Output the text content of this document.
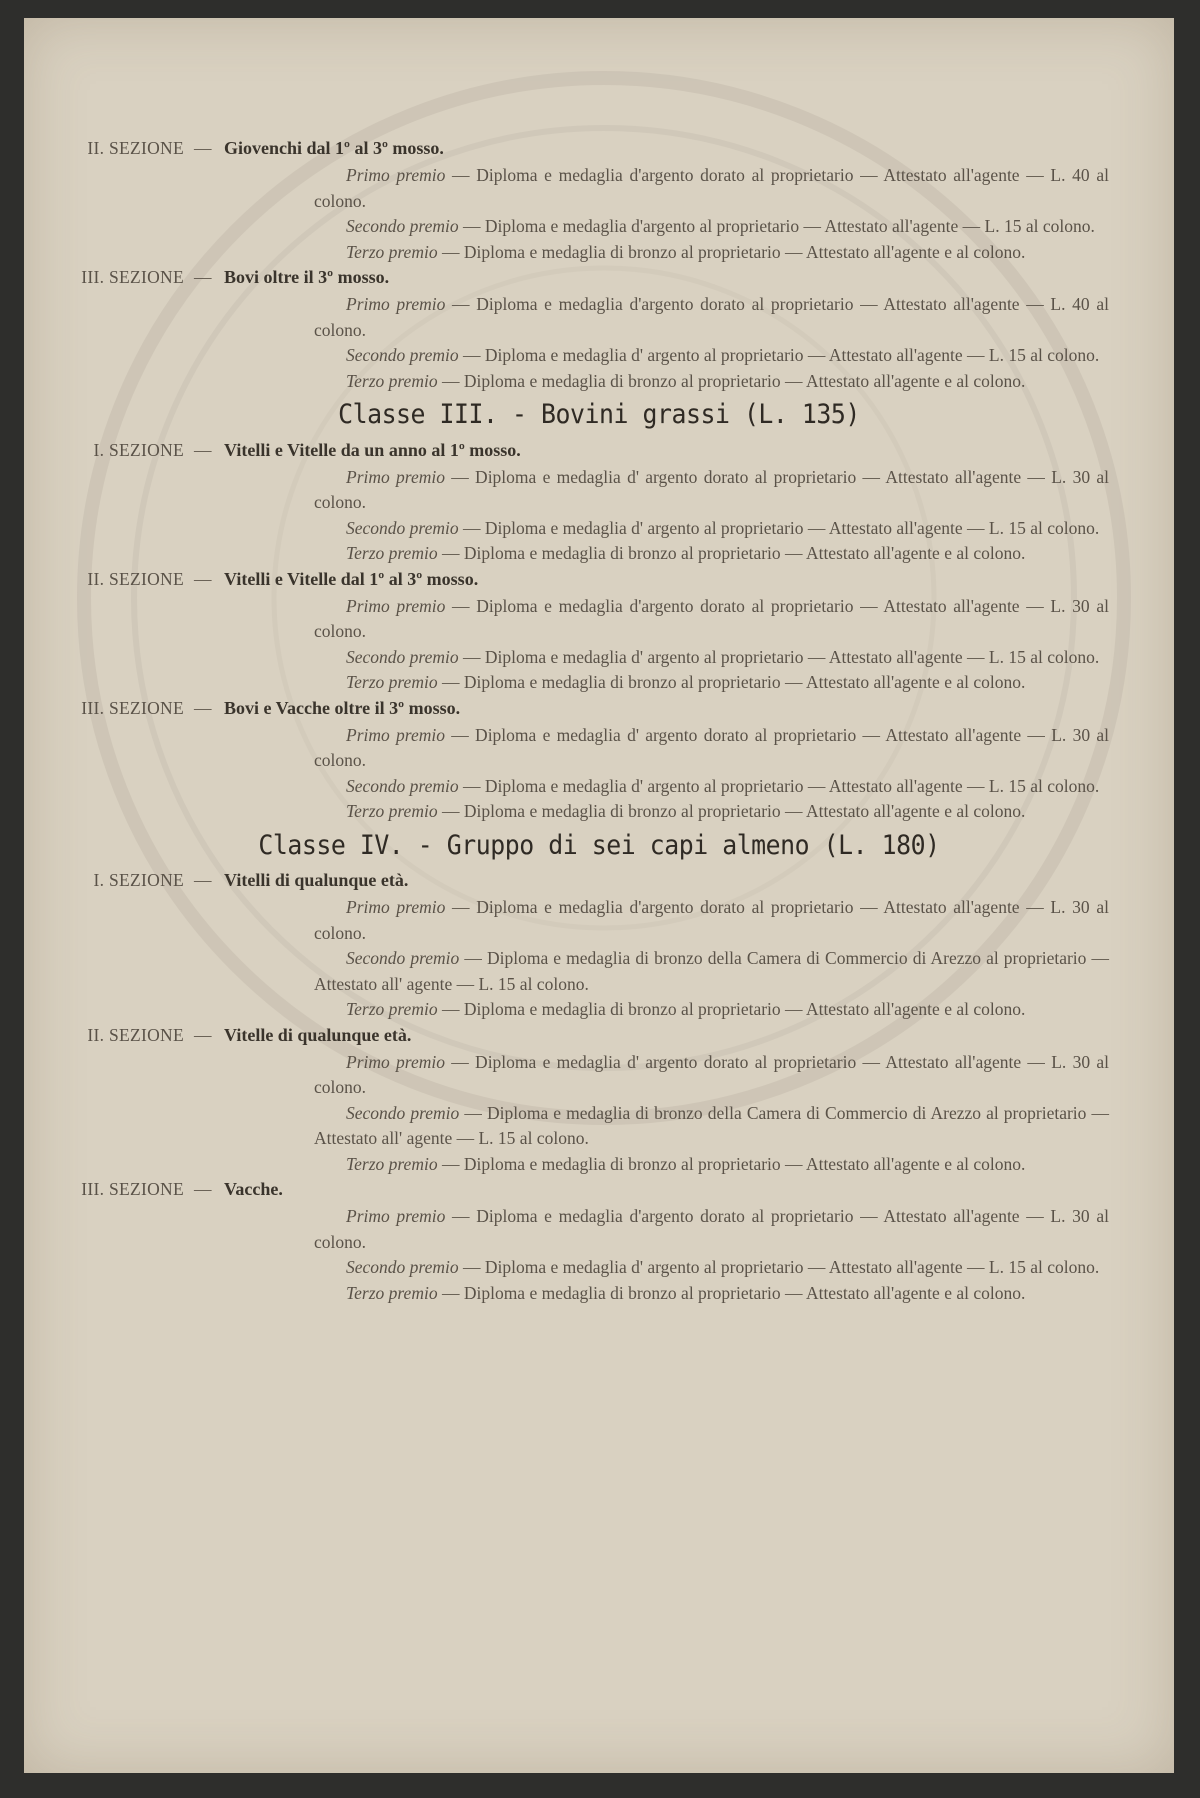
II. SEZIONE — Giovenchi dal 1º al 3º mosso.
Primo premio — Diploma e medaglia d'argento dorato al proprietario — Attestato all'agente — L. 40 al colono.
Secondo premio — Diploma e medaglia d'argento al proprietario — Attestato all'agente — L. 15 al colono.
Terzo premio — Diploma e medaglia di bronzo al proprietario — Attestato all'agente e al colono.
III. SEZIONE — Bovi oltre il 3º mosso.
Primo premio — Diploma e medaglia d'argento dorato al proprietario — Attestato all'agente — L. 40 al colono.
Secondo premio — Diploma e medaglia d' argento al proprietario — Attestato all'agente — L. 15 al colono.
Terzo premio — Diploma e medaglia di bronzo al proprietario — Attestato all'agente e al colono.
Classe III. - Bovini grassi (L. 135)
I. SEZIONE — Vitelli e Vitelle da un anno al 1º mosso.
Primo premio — Diploma e medaglia d' argento dorato al proprietario — Attestato all'agente — L. 30 al colono.
Secondo premio — Diploma e medaglia d' argento al proprietario — Attestato all'agente — L. 15 al colono.
Terzo premio — Diploma e medaglia di bronzo al proprietario — Attestato all'agente e al colono.
II. SEZIONE — Vitelli e Vitelle dal 1º al 3º mosso.
Primo premio — Diploma e medaglia d'argento dorato al proprietario — Attestato all'agente — L. 30 al colono.
Secondo premio — Diploma e medaglia d' argento al proprietario — Attestato all'agente — L. 15 al colono.
Terzo premio — Diploma e medaglia di bronzo al proprietario — Attestato all'agente e al colono.
III. SEZIONE — Bovi e Vacche oltre il 3º mosso.
Primo premio — Diploma e medaglia d' argento dorato al proprietario — Attestato all'agente — L. 30 al colono.
Secondo premio — Diploma e medaglia d' argento al proprietario — Attestato all'agente — L. 15 al colono.
Terzo premio — Diploma e medaglia di bronzo al proprietario — Attestato all'agente e al colono.
Classe IV. - Gruppo di sei capi almeno (L. 180)
I. SEZIONE — Vitelli di qualunque età.
Primo premio — Diploma e medaglia d'argento dorato al proprietario — Attestato all'agente — L. 30 al colono.
Secondo premio — Diploma e medaglia di bronzo della Camera di Commercio di Arezzo al proprietario — Attestato all' agente — L. 15 al colono.
Terzo premio — Diploma e medaglia di bronzo al proprietario — Attestato all'agente e al colono.
II. SEZIONE — Vitelle di qualunque età.
Primo premio — Diploma e medaglia d' argento dorato al proprietario — Attestato all'agente — L. 30 al colono.
Secondo premio — Diploma e medaglia di bronzo della Camera di Commercio di Arezzo al proprietario — Attestato all' agente — L. 15 al colono.
Terzo premio — Diploma e medaglia di bronzo al proprietario — Attestato all'agente e al colono.
III. SEZIONE — Vacche.
Primo premio — Diploma e medaglia d'argento dorato al proprietario — Attestato all'agente — L. 30 al colono.
Secondo premio — Diploma e medaglia d' argento al proprietario — Attestato all'agente — L. 15 al colono.
Terzo premio — Diploma e medaglia di bronzo al proprietario — Attestato all'agente e al colono.
